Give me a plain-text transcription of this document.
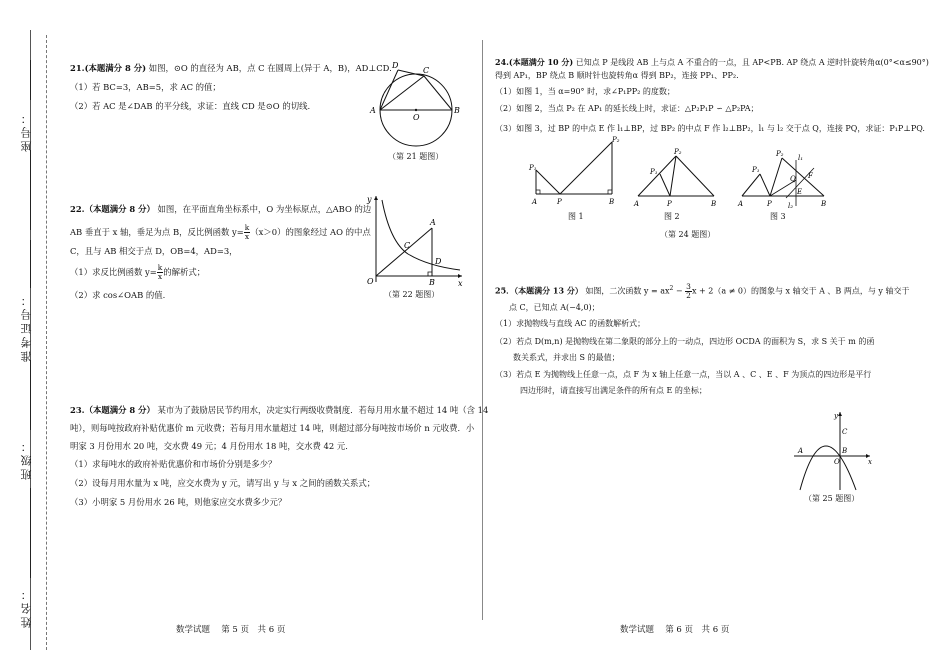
座号：
准考证号：
班级：
姓名：
21.(本题满分 8 分) 如图，⊙O 的直径为 AB，点 C 在圆周上(异于 A，B)，AD⊥CD.
（1）若 BC=3，AB=5，求 AC 的值；
（2）若 AC 是∠DAB 的平分线，求证：直线 CD 是⊙O 的切线.
D
C
A	B
O
（第 21 题图）
22.（本题满分 8 分） 如图，在平面直角坐标系中，O 为坐标原点，△ABO 的边
AB 垂直于 x 轴，垂足为点 B，反比例函数 $y= \frac{k}{x} (x>0)$的图象经过 AO 的中点
C，且与 AB 相交于点 D，OB=4，AD=3，
（1）求反比例函数 $y= \frac{k}{x}$ 的解析式；
（2）求 cos∠OAB 的值.
y
x
O
A
B
C
D
（第 22 题图）
23.（本题满分 8 分） 某市为了鼓励居民节约用水，决定实行两级收费制度．若每月用水量不超过 14 吨（含 14
吨），则每吨按政府补贴优惠价 m 元收费；若每月用水量超过 14 吨，则超过部分每吨按市场价 n 元收费．小
明家 3 月份用水 20 吨，交水费 49 元；4 月份用水 18 吨，交水费 42 元．
（1）求每吨水的政府补贴优惠价和市场价分别是多少？
（2）设每月用水量为 x 吨，应交水费为 y 元，请写出 y 与 x 之间的函数关系式；
（3）小明家 5 月份用水 26 吨，则他家应交水费多少元？
24.(本题满分 10 分) 已知点 P 是线段 AB 上与点 A 不重合的一点，且 AP<PB. AP 绕点 A 逆时针旋转角α(0°<α≤90°)
得到 AP₁，BP 绕点 B 顺时针也旋转角α 得到 BP₂，连接 PP₁、PP₂.
（1）如图 1，当 α=90° 时，求∠P₁PP₂ 的度数；
（2）如图 2，当点 P₂ 在 AP₁ 的延长线上时，求证：△P₂P₁P ∽ △P₂PA；
（3）如图 3，过 BP 的中点 E 作 l₁⊥BP，过 BP₂ 的中点 F 作 l₂⊥BP₂，l₁ 与 l₂ 交于点 Q，连接 PQ，求证：P₁P⊥PQ.
P₁
P₂
A	P	B
图 1
P₁
P₂
A	P	B
图 2
P₁
P₂ l₁
l₂
Q F
E
A	P	B
图 3
（第 24 题图）
25．（本题满分 13 分） 如图，二次函数 $y = ax^2 - \frac{3}{2}$ x + 2（a ≠ 0）的图象与 x 轴交于 A 、B 两点，与 y 轴交于
点 C，已知点 A(−4,0)；
（1）求抛物线与直线 AC 的函数解析式；
（2）若点 D(m,n) 是抛物线在第二象限的部分上的一动点，四边形 OCDA 的面积为 S，求 S 关于 m 的函
数关系式，并求出 S 的最值；
（3）若点 E 为抛物线上任意一点，点 F 为 x 轴上任意一点，当以 A 、C 、E 、F 为顶点的四边形是平行
四边形时，请直接写出满足条件的所有点 E 的坐标；
y
x
A	B
C
O
（第 25 题图）
数学试题　 第 5 页　共 6 页	数学试题　 第 6 页　共 6 页
